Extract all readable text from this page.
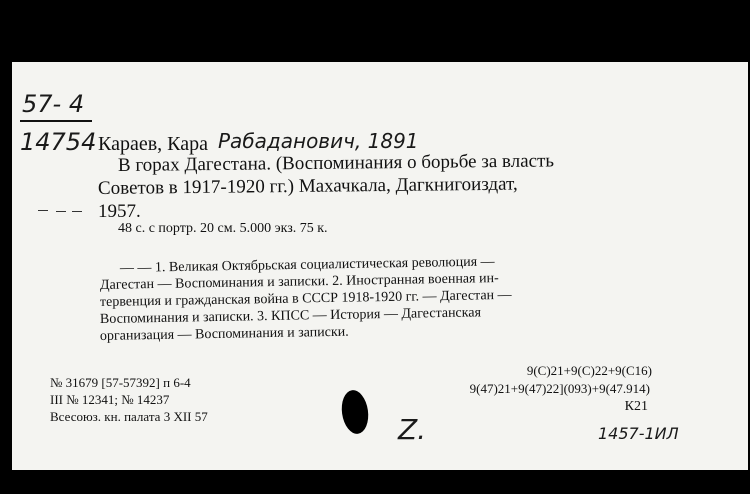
57- 4
14754 Караев, Кара Рабаданович, 1891
В горах Дагестана. (Воспоминания о борьбе за власть
Советов в 1917-1920 гг.) Махачкала, Дагкнигоиздат,
1957.
48 с. с портр. 20 см. 5.000 экз. 75 к.
— — 1. Великая Октябрьская социалистическая революция —
Дагестан — Воспоминания и записки. 2. Иностранная военная ин-
тервенция и гражданская война в СССР 1918-1920 гг. — Дагестан —
Воспоминания и записки. 3. КПСС — История — Дагестанская
организация — Воспоминания и записки.
№ 31679 [57-57392] п 6-4
III № 12341; № 14237
Всесоюз. кн. палата 3 XII 57
9(С)21+9(С)22+9(С16)
9(47)21+9(47)22](093)+9(47.914)
К21
Z.	1457-1ИЛ
